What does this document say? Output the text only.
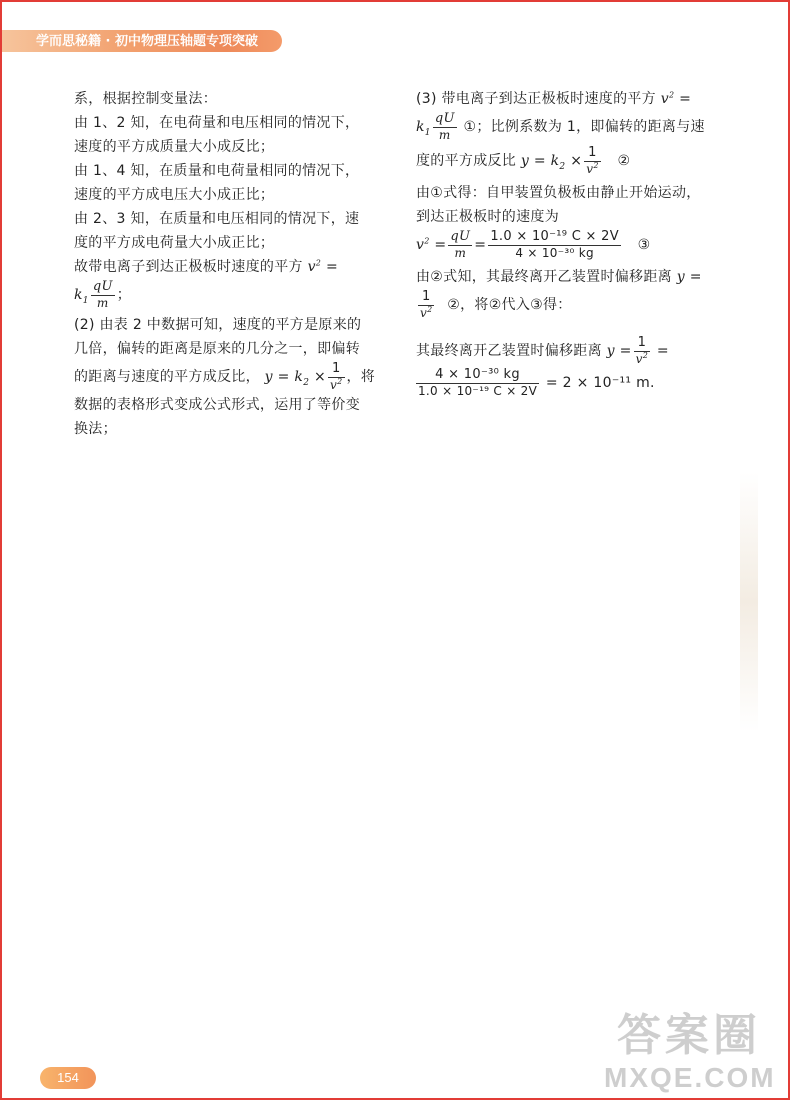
学而思秘籍 · 初中物理压轴题专项突破
系，根据控制变量法：
由 1、2 知，在电荷量和电压相同的情况下，
速度的平方成质量大小成反比；
由 1、4 知，在质量和电荷量相同的情况下，
速度的平方成电压大小成正比；
由 2、3 知，在质量和电压相同的情况下，速
度的平方成电荷量大小成正比；
故带电离子到达正极板时速度的平方 $v^2$ =
$k_1 \frac{qU}{m}$ ；
(2) 由表 2 中数据可知，速度的平方是原来的
几倍，偏转的距离是原来的几分之一，即偏转
的距离与速度的平方成反比， $y = k_2 \times \frac{1}{v^2}$ ，将
数据的表格形式变成公式形式，运用了等价变
换法；
(3) 带电离子到达正极板时速度的平方 $v^2$ =
$k_1 \frac{qU}{m}$ ①；比例系数为 1，即偏转的距离与速
度的平方成反比 $y = k_2 \times \frac{1}{v^2}$ ②
由①式得：自甲装置负极板由静止开始运动，
到达正极板时的速度为
$v^2 = \frac{qU}{m} = \frac{\text{1.0 × 10⁻¹⁹ C × 2V}}{\text{4 × 10⁻³⁰ kg}}$ ③
由②式知，其最终离开乙装置时偏移距离 y =
$\frac{1}{v^2}$ ②，将②代入③得：
其最终离开乙装置时偏移距离 $y = \frac{1}{v^2}$ =
$\frac{\text{4 × 10⁻³⁰ kg}}{\text{1.0 × 10⁻¹⁹ C × 2V}} = 2 \times 10^{-11}$ m.
154
答案圈
MXQE.COM
